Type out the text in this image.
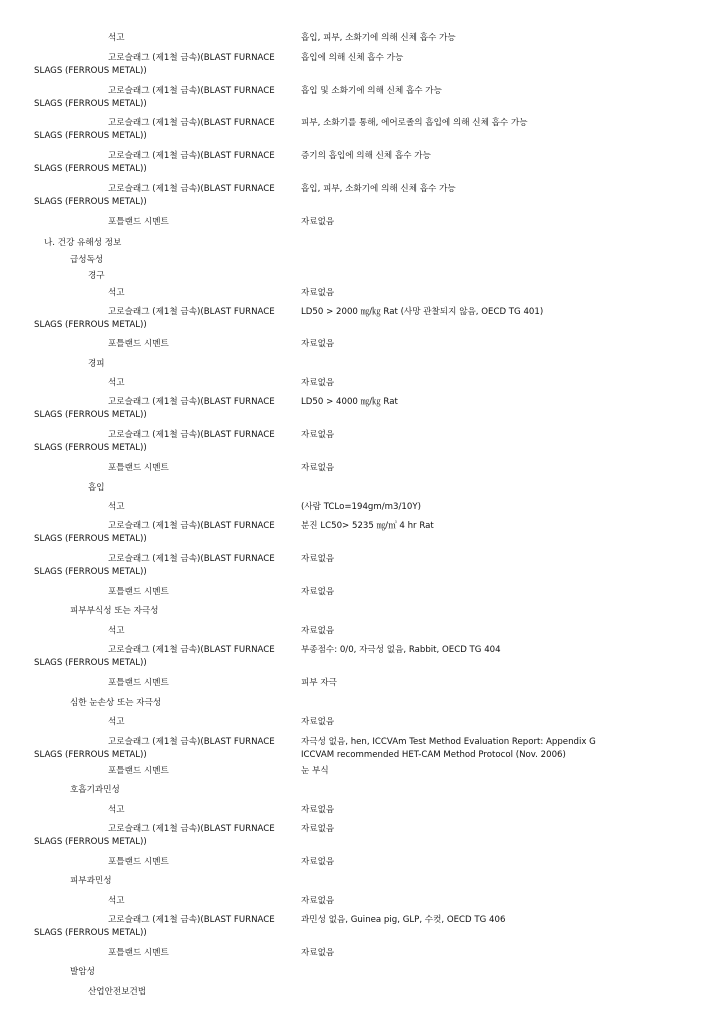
석고	흡입, 피부, 소화기에 의해 신체 흡수 가능
고로슬래그 (제1철 금속)(BLAST FURNACE	흡입에 의해 신체 흡수 가능
SLAGS (FERROUS METAL))
고로슬래그 (제1철 금속)(BLAST FURNACE	흡입 및 소화기에 의해 신체 흡수 가능
SLAGS (FERROUS METAL))
고로슬래그 (제1철 금속)(BLAST FURNACE	피부, 소화기를 통해, 에어로졸의 흡입에 의해 신체 흡수 가능
SLAGS (FERROUS METAL))
고로슬래그 (제1철 금속)(BLAST FURNACE	증기의 흡입에 의해 신체 흡수 가능
SLAGS (FERROUS METAL))
고로슬래그 (제1철 금속)(BLAST FURNACE	흡입, 피부, 소화기에 의해 신체 흡수 가능
SLAGS (FERROUS METAL))
포틀랜드 시멘트	자료없음
나. 건강 유해성 정보
급성독성
경구
석고	자료없음
고로슬래그 (제1철 금속)(BLAST FURNACE	LD50 > 2000 ㎎/㎏ Rat (사망 관찰되지 않음, OECD TG 401)
SLAGS (FERROUS METAL))
포틀랜드 시멘트	자료없음
경피
석고	자료없음
고로슬래그 (제1철 금속)(BLAST FURNACE	LD50 > 4000 ㎎/㎏ Rat
SLAGS (FERROUS METAL))
고로슬래그 (제1철 금속)(BLAST FURNACE	자료없음
SLAGS (FERROUS METAL))
포틀랜드 시멘트	자료없음
흡입
석고	(사람 TCLo=194gm/m3/10Y)
고로슬래그 (제1철 금속)(BLAST FURNACE	분진 LC50> 5235 ㎎/㎥ 4 hr Rat
SLAGS (FERROUS METAL))
고로슬래그 (제1철 금속)(BLAST FURNACE	자료없음
SLAGS (FERROUS METAL))
포틀랜드 시멘트	자료없음
피부부식성 또는 자극성
석고	자료없음
고로슬래그 (제1철 금속)(BLAST FURNACE	부종점수: 0/0, 자극성 없음, Rabbit, OECD TG 404
SLAGS (FERROUS METAL))
포틀랜드 시멘트	피부 자극
심한 눈손상 또는 자극성
석고	자료없음
고로슬래그 (제1철 금속)(BLAST FURNACE	자극성 없음, hen, ICCVAm Test Method Evaluation Report: Appendix G
SLAGS (FERROUS METAL))	ICCVAM recommended HET-CAM Method Protocol (Nov. 2006)
포틀랜드 시멘트	눈 부식
호흡기과민성
석고	자료없음
고로슬래그 (제1철 금속)(BLAST FURNACE	자료없음
SLAGS (FERROUS METAL))
포틀랜드 시멘트	자료없음
피부과민성
석고	자료없음
고로슬래그 (제1철 금속)(BLAST FURNACE	과민성 없음, Guinea pig, GLP, 수컷, OECD TG 406
SLAGS (FERROUS METAL))
포틀랜드 시멘트	자료없음
발암성
산업안전보건법
